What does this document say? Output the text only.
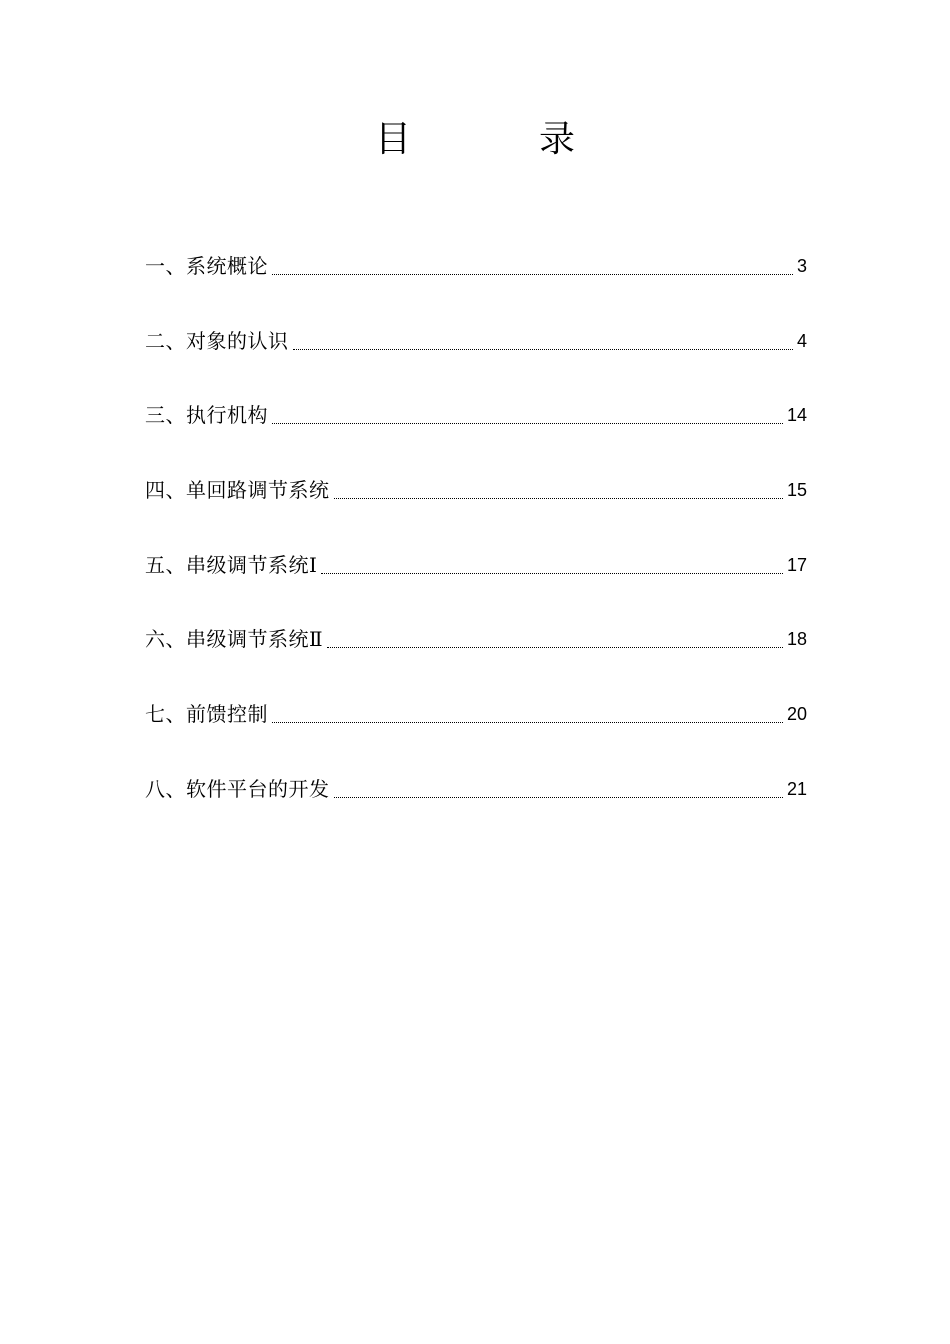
目	录
一、系统概论	3
二、对象的认识	4
三、执行机构	14
四、单回路调节系统	15
五、串级调节系统Ⅰ	17
六、串级调节系统Ⅱ	18
七、前馈控制	20
八、软件平台的开发	21
